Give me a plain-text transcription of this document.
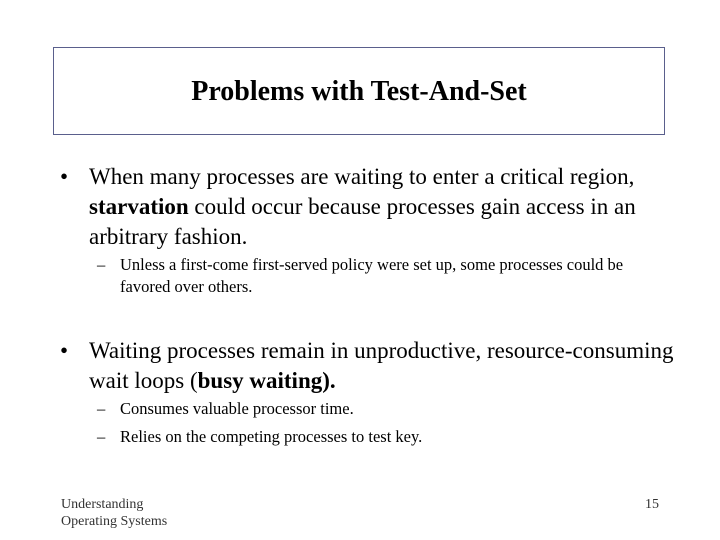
Problems with Test-And-Set
• When many processes are waiting to enter a critical region, starvation could occur because processes gain access in an arbitrary fashion.
– Unless a first-come first-served policy were set up, some processes could be favored over others.
• Waiting processes remain in unproductive, resource-consuming wait loops (busy waiting).
– Consumes valuable processor time.
– Relies on the competing processes to test key.
Understanding
Operating Systems
15
